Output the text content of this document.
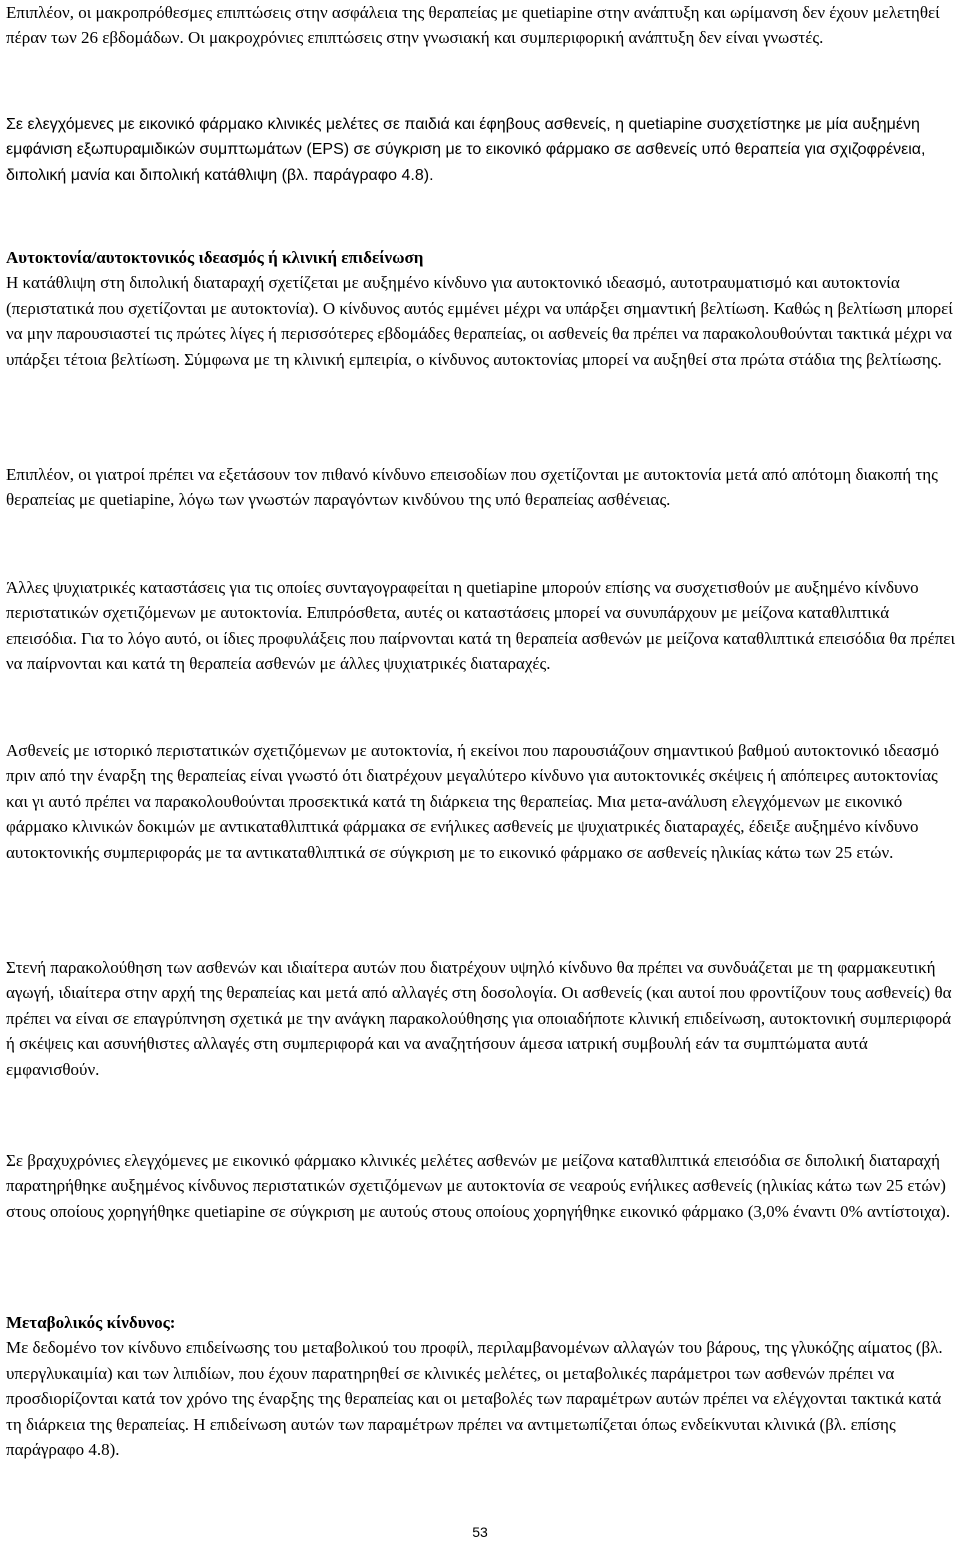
Επιπλέον, οι μακροπρόθεσμες επιπτώσεις στην ασφάλεια της θεραπείας με quetiapine στην ανάπτυξη και ωρίμανση δεν έχουν μελετηθεί πέραν των 26 εβδομάδων. Οι μακροχρόνιες επιπτώσεις στην γνωσιακή και συμπεριφορική ανάπτυξη δεν είναι γνωστές.

Σε ελεγχόμενες με εικονικό φάρμακο κλινικές μελέτες σε παιδιά και έφηβους ασθενείς, η quetiapine συσχετίστηκε με μία αυξημένη εμφάνιση εξωπυραμιδικών συμπτωμάτων (EPS) σε σύγκριση με το εικονικό φάρμακο σε ασθενείς υπό θεραπεία για σχιζοφρένεια, διπολική μανία και διπολική κατάθλιψη (βλ. παράγραφο 4.8).

Αυτοκτονία/αυτοκτονικός ιδεασμός ή κλινική επιδείνωση

Η κατάθλιψη στη διπολική διαταραχή σχετίζεται με αυξημένο κίνδυνο για αυτοκτονικό ιδεασμό, αυτοτραυματισμό και αυτοκτονία (περιστατικά που σχετίζονται με αυτοκτονία). Ο κίνδυνος αυτός εμμένει μέχρι να υπάρξει σημαντική βελτίωση. Καθώς η βελτίωση μπορεί να μην παρουσιαστεί τις πρώτες λίγες ή περισσότερες εβδομάδες θεραπείας, οι ασθενείς θα πρέπει να παρακολουθούνται τακτικά μέχρι να υπάρξει τέτοια βελτίωση. Σύμφωνα με τη κλινική εμπειρία, ο κίνδυνος αυτοκτονίας μπορεί να αυξηθεί στα πρώτα στάδια της βελτίωσης.

Επιπλέον, οι γιατροί πρέπει να εξετάσουν τον πιθανό κίνδυνο επεισοδίων που σχετίζονται με αυτοκτονία μετά από απότομη διακοπή της θεραπείας με quetiapine, λόγω των γνωστών παραγόντων κινδύνου της υπό θεραπείας ασθένειας.

Άλλες ψυχιατρικές καταστάσεις για τις οποίες συνταγογραφείται η quetiapine μπορούν επίσης να συσχετισθούν με αυξημένο κίνδυνο περιστατικών σχετιζόμενων με αυτοκτονία. Επιπρόσθετα, αυτές οι καταστάσεις μπορεί να συνυπάρχουν με μείζονα καταθλιπτικά επεισόδια. Για το λόγο αυτό, οι ίδιες προφυλάξεις που παίρνονται κατά τη θεραπεία ασθενών με μείζονα καταθλιπτικά επεισόδια θα πρέπει να παίρνονται και κατά τη θεραπεία ασθενών με άλλες ψυχιατρικές διαταραχές.

Ασθενείς με ιστορικό περιστατικών σχετιζόμενων με αυτοκτονία, ή εκείνοι που παρουσιάζουν σημαντικού βαθμού αυτοκτονικό ιδεασμό πριν από την έναρξη της θεραπείας είναι γνωστό ότι διατρέχουν μεγαλύτερο κίνδυνο για αυτοκτονικές σκέψεις ή απόπειρες αυτοκτονίας και γι αυτό πρέπει να παρακολουθούνται προσεκτικά κατά τη διάρκεια της θεραπείας. Μια μετα-ανάλυση ελεγχόμενων με εικονικό φάρμακο κλινικών δοκιμών με αντικαταθλιπτικά φάρμακα σε ενήλικες ασθενείς με ψυχιατρικές διαταραχές, έδειξε αυξημένο κίνδυνο αυτοκτονικής συμπεριφοράς με τα αντικαταθλιπτικά σε σύγκριση με το εικονικό φάρμακο σε ασθενείς ηλικίας κάτω των 25 ετών.

Στενή παρακολούθηση των ασθενών και ιδιαίτερα αυτών που διατρέχουν υψηλό κίνδυνο θα πρέπει να συνδυάζεται με τη φαρμακευτική αγωγή, ιδιαίτερα στην αρχή της θεραπείας και μετά από αλλαγές στη δοσολογία. Οι ασθενείς (και αυτοί που φροντίζουν τους ασθενείς) θα πρέπει να είναι σε επαγρύπνηση σχετικά με την ανάγκη παρακολούθησης για οποιαδήποτε κλινική επιδείνωση, αυτοκτονική συμπεριφορά ή σκέψεις και ασυνήθιστες αλλαγές στη συμπεριφορά και να αναζητήσουν άμεσα ιατρική συμβουλή εάν τα συμπτώματα αυτά εμφανισθούν.

Σε βραχυχρόνιες ελεγχόμενες με εικονικό φάρμακο κλινικές μελέτες ασθενών με μείζονα καταθλιπτικά επεισόδια σε διπολική διαταραχή παρατηρήθηκε αυξημένος κίνδυνος περιστατικών σχετιζόμενων με αυτοκτονία σε νεαρούς ενήλικες ασθενείς (ηλικίας κάτω των 25 ετών) στους οποίους χορηγήθηκε quetiapine σε σύγκριση με αυτούς στους οποίους χορηγήθηκε εικονικό φάρμακο (3,0% έναντι 0% αντίστοιχα).

Μεταβολικός κίνδυνος:

Με δεδομένο τον κίνδυνο επιδείνωσης του μεταβολικού του προφίλ, περιλαμβανομένων αλλαγών του βάρους, της γλυκόζης αίματος (βλ. υπεργλυκαιμία) και των λιπιδίων, που έχουν παρατηρηθεί σε κλινικές μελέτες, οι μεταβολικές παράμετροι των ασθενών πρέπει να προσδιορίζονται κατά τον χρόνο της έναρξης της θεραπείας και οι μεταβολές των παραμέτρων αυτών πρέπει να ελέγχονται τακτικά κατά τη διάρκεια της θεραπείας. Η επιδείνωση αυτών των παραμέτρων πρέπει να αντιμετωπίζεται όπως ενδείκνυται κλινικά (βλ. επίσης παράγραφο 4.8).

53
